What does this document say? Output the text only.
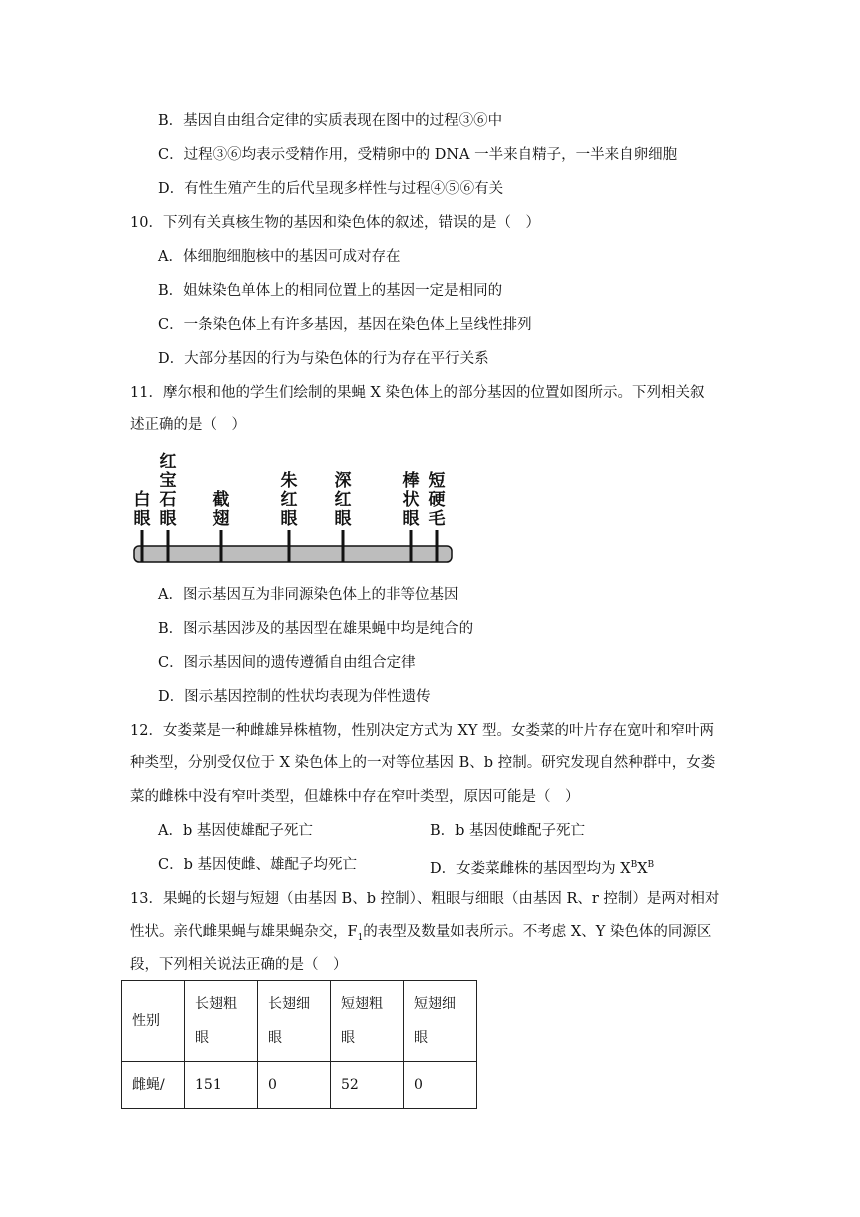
B．基因自由组合定律的实质表现在图中的过程③⑥中
C．过程③⑥均表示受精作用，受精卵中的 DNA 一半来自精子，一半来自卵细胞
D．有性生殖产生的后代呈现多样性与过程④⑤⑥有关
10．下列有关真核生物的基因和染色体的叙述，错误的是（　）
A．体细胞细胞核中的基因可成对存在
B．姐妹染色单体上的相同位置上的基因一定是相同的
C．一条染色体上有许多基因，基因在染色体上呈线性排列
D．大部分基因的行为与染色体的行为存在平行关系
11．摩尔根和他的学生们绘制的果蝇 X 染色体上的部分基因的位置如图所示。下列相关叙
述正确的是（　）
白眼
红宝石眼
截翅
朱红眼
深红眼
棒状眼
短硬毛
A．图示基因互为非同源染色体上的非等位基因
B．图示基因涉及的基因型在雄果蝇中均是纯合的
C．图示基因间的遗传遵循自由组合定律
D．图示基因控制的性状均表现为伴性遗传
12．女娄菜是一种雌雄异株植物，性别决定方式为 XY 型。女娄菜的叶片存在宽叶和窄叶两
种类型，分别受仅位于 X 染色体上的一对等位基因 B、b 控制。研究发现自然种群中，女娄
菜的雌株中没有窄叶类型，但雄株中存在窄叶类型，原因可能是（　）
A．b 基因使雄配子死亡	B．b 基因使雌配子死亡
C．b 基因使雌、雄配子均死亡	D．女娄菜雌株的基因型均为 $X^BX^B$
13．果蝇的长翅与短翅（由基因 B、b 控制）、粗眼与细眼（由基因 R、r 控制）是两对相对
性状。亲代雌果蝇与雄果蝇杂交，$F_1$的表型及数量如表所示。不考虑 X、Y 染色体的同源区
段，下列相关说法正确的是（　）
性别	长翅粗眼	长翅细眼	短翅粗眼	短翅细眼
雌蝇/	151	0	52	0
